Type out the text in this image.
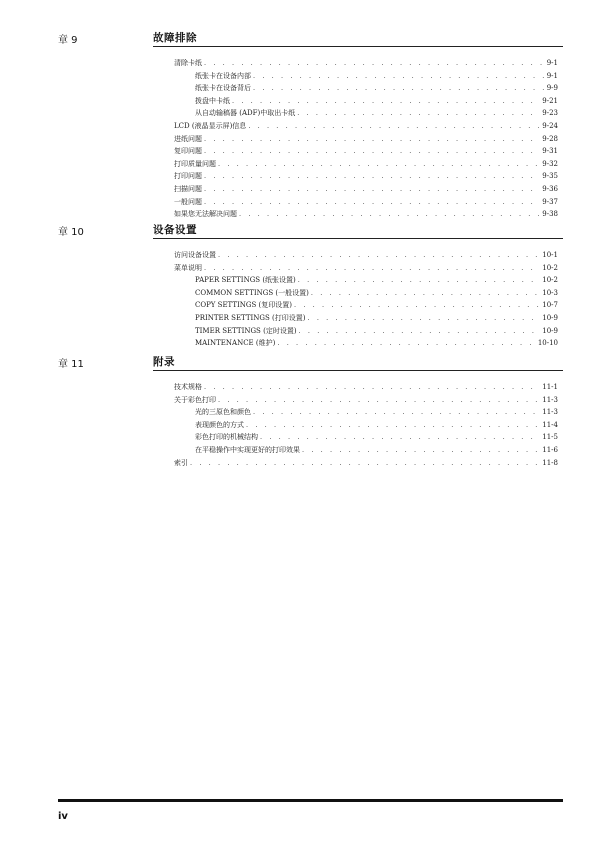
章 9	故障排除
清除卡纸 . . .	9-1
纸张卡在设备内部 . . .	9-1
纸张卡在设备背后 . . .	9-9
拨盘中卡纸 . . .	9-21
从自动输稿器 (ADF)中取出卡纸 . . .	9-23
LCD (液晶显示屏)信息 . . .	9-24
进纸问题 . . .	9-28
复印问题 . . .	9-31
打印质量问题 . . .	9-32
打印问题 . . .	9-35
扫描问题 . . .	9-36
一般问题 . . .	9-37
如果您无法解决问题 . . .	9-38
章 10	设备设置
访问设备设置 . . .	10-1
菜单说明 . . .	10-2
PAPER SETTINGS (纸张设置) . . .	10-2
COMMON SETTINGS (一般设置) . . .	10-3
COPY SETTINGS (复印设置) . . .	10-7
PRINTER SETTINGS (打印设置) . . .	10-9
TIMER SETTINGS (定时设置) . . .	10-9
MAINTENANCE (维护) . . .	10-10
章 11	附录
技术规格 . . .	11-1
关于彩色打印 . . .	11-3
光的三原色和颜色 . . .	11-3
表现颜色的方式 . . .	11-4
彩色打印的机械结构 . . .	11-5
在平稳操作中实现更好的打印效果 . . .	11-6
索引 . . .	11-8
iv
